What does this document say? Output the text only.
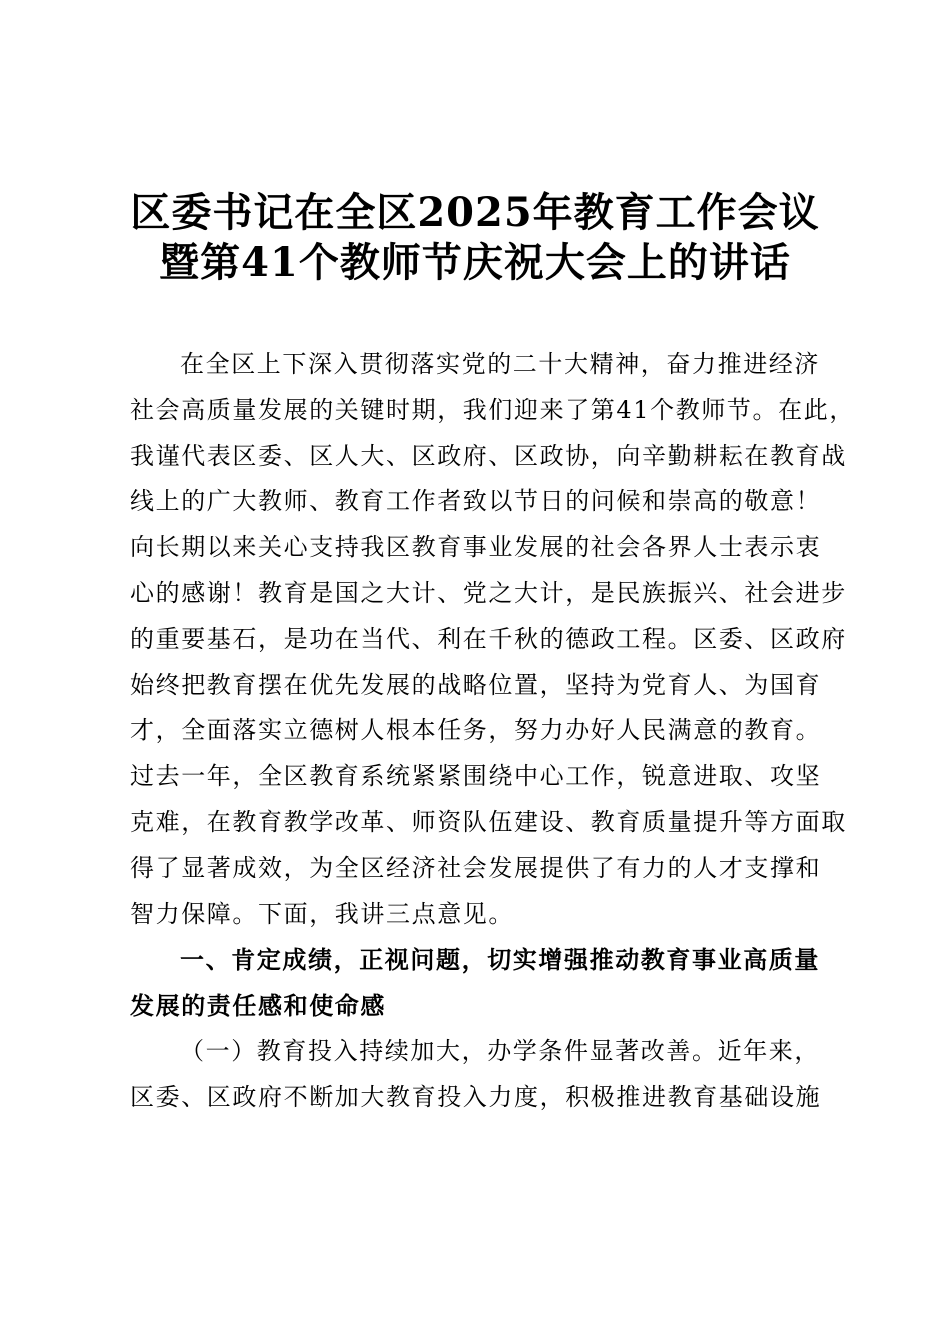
区委书记在全区2025年教育工作会议
暨第41个教师节庆祝大会上的讲话
在全区上下深入贯彻落实党的二十大精神，奋力推进经济
社会高质量发展的关键时期，我们迎来了第41个教师节。在此，
我谨代表区委、区人大、区政府、区政协，向辛勤耕耘在教育战
线上的广大教师、教育工作者致以节日的问候和崇高的敬意！
向长期以来关心支持我区教育事业发展的社会各界人士表示衷
心的感谢！教育是国之大计、党之大计，是民族振兴、社会进步
的重要基石，是功在当代、利在千秋的德政工程。区委、区政府
始终把教育摆在优先发展的战略位置，坚持为党育人、为国育
才，全面落实立德树人根本任务，努力办好人民满意的教育。
过去一年，全区教育系统紧紧围绕中心工作，锐意进取、攻坚
克难，在教育教学改革、师资队伍建设、教育质量提升等方面取
得了显著成效，为全区经济社会发展提供了有力的人才支撑和
智力保障。下面，我讲三点意见。
一、肯定成绩，正视问题，切实增强推动教育事业高质量
发展的责任感和使命感
（一）教育投入持续加大，办学条件显著改善。近年来，
区委、区政府不断加大教育投入力度，积极推进教育基础设施
